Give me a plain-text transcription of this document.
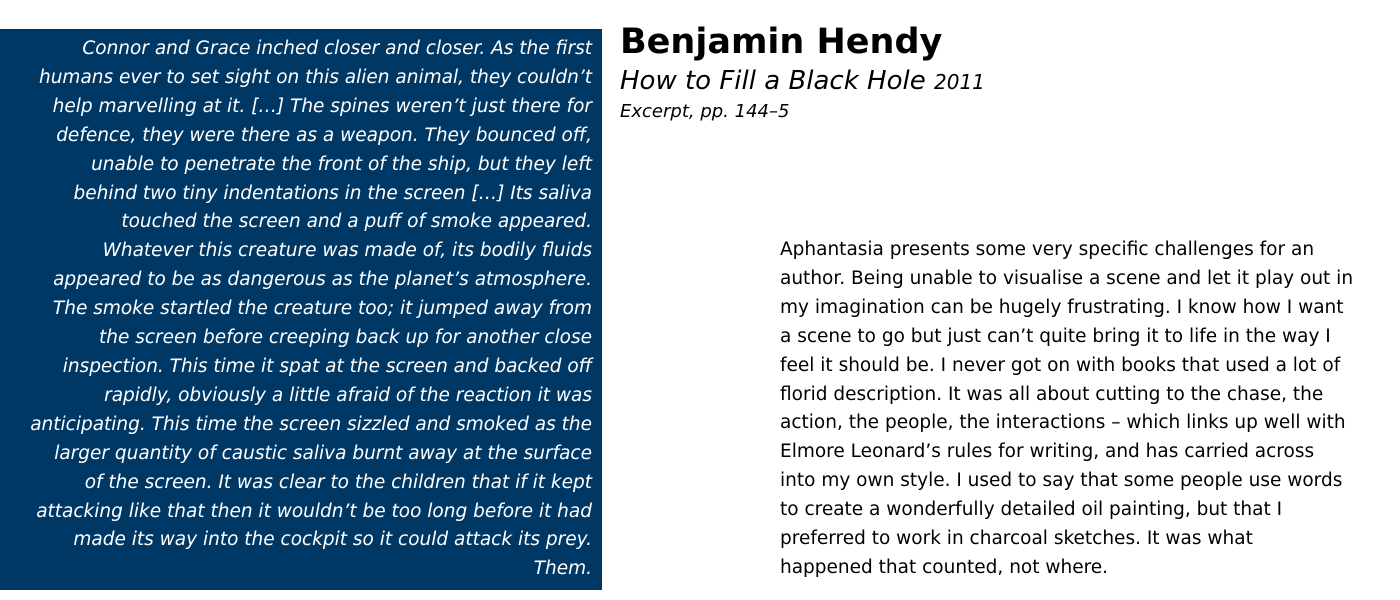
Connor and Grace inched closer and closer. As the first
humans ever to set sight on this alien animal, they couldn’t
help marvelling at it. […] The spines weren’t just there for
defence, they were there as a weapon. They bounced off,
unable to penetrate the front of the ship, but they left
behind two tiny indentations in the screen […] Its saliva
touched the screen and a puff of smoke appeared.
Whatever this creature was made of, its bodily fluids
appeared to be as dangerous as the planet’s atmosphere.
The smoke startled the creature too; it jumped away from
the screen before creeping back up for another close
inspection. This time it spat at the screen and backed off
rapidly, obviously a little afraid of the reaction it was
anticipating. This time the screen sizzled and smoked as the
larger quantity of caustic saliva burnt away at the surface
of the screen. It was clear to the children that if it kept
attacking like that then it wouldn’t be too long before it had
made its way into the cockpit so it could attack its prey.
Them.

Benjamin Hendy

How to Fill a Black Hole 2011

Excerpt, pp. 144–5

Aphantasia presents some very specific challenges for an
author. Being unable to visualise a scene and let it play out in
my imagination can be hugely frustrating. I know how I want
a scene to go but just can’t quite bring it to life in the way I
feel it should be. I never got on with books that used a lot of
florid description. It was all about cutting to the chase, the
action, the people, the interactions – which links up well with
Elmore Leonard’s rules for writing, and has carried across
into my own style. I used to say that some people use words
to create a wonderfully detailed oil painting, but that I
preferred to work in charcoal sketches. It was what
happened that counted, not where.
